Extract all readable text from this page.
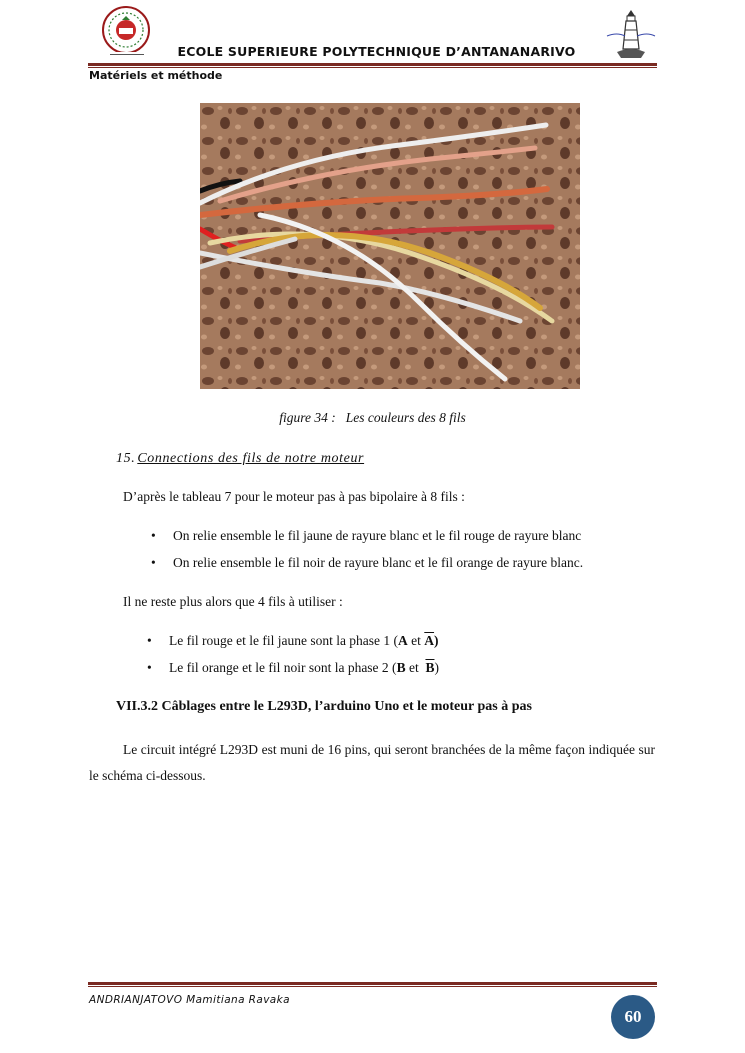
ECOLE SUPERIEURE POLYTECHNIQUE D’ANTANANARIVO
Matériels et méthode
figure 34 : Les couleurs des 8 fils
15. Connections des fils de notre moteur
D’après le tableau 7 pour le moteur pas à pas bipolaire à 8 fils :
• On relie ensemble le fil jaune de rayure blanc et le fil rouge de rayure blanc
• On relie ensemble le fil noir de rayure blanc et le fil orange de rayure blanc.
Il ne reste plus alors que 4 fils à utiliser :
• Le fil rouge et le fil jaune sont la phase 1 (A et $\overline{A}$)
• Le fil orange et le fil noir sont la phase 2 (B et  $\overline{B}$)
VII.3.2 Câblages entre le L293D, l’arduino Uno et le moteur pas à pas
Le circuit intégré L293D est muni de 16 pins, qui seront branchées de la même façon indiquée sur le schéma ci-dessous.
ANDRIANJATOVO Mamitiana Ravaka
60
